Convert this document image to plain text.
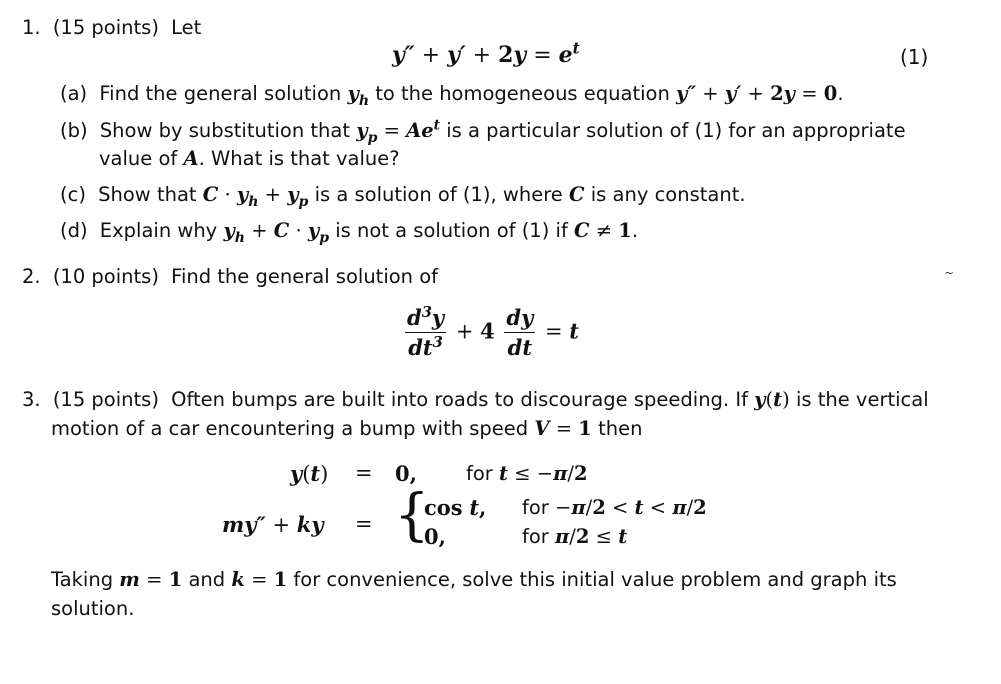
1. (15 points) Let
$y'' + y' + 2y = e^t$	(1)
(a) Find the general solution $y_h$ to the homogeneous equation y″ + y′ + 2y = 0.
(b) Show by substitution that $y_p = Ae^t$ is a particular solution of (1) for an appropriate
value of A. What is that value?
(c) Show that $C \cdot y_h + y_p$ is a solution of (1), where C is any constant.
(d) Explain why $y_h + C \cdot y_p$ is not a solution of (1) if C ≠ 1.
2. (10 points) Find the general solution of	~
$\frac{d^3y}{dt^3} + 4 \frac{dy}{dt} = t$
3. (15 points) Often bumps are built into roads to discourage speeding. If y(t) is the vertical
motion of a car encountering a bump with speed V = 1 then
y(t) = 0,	for t ≤ −π/2
my″ + ky = {
cos t, for −π/2 < t < π/2
0,	for π/2 ≤ t
Taking m = 1 and k = 1 for convenience, solve this initial value problem and graph its
solution.
